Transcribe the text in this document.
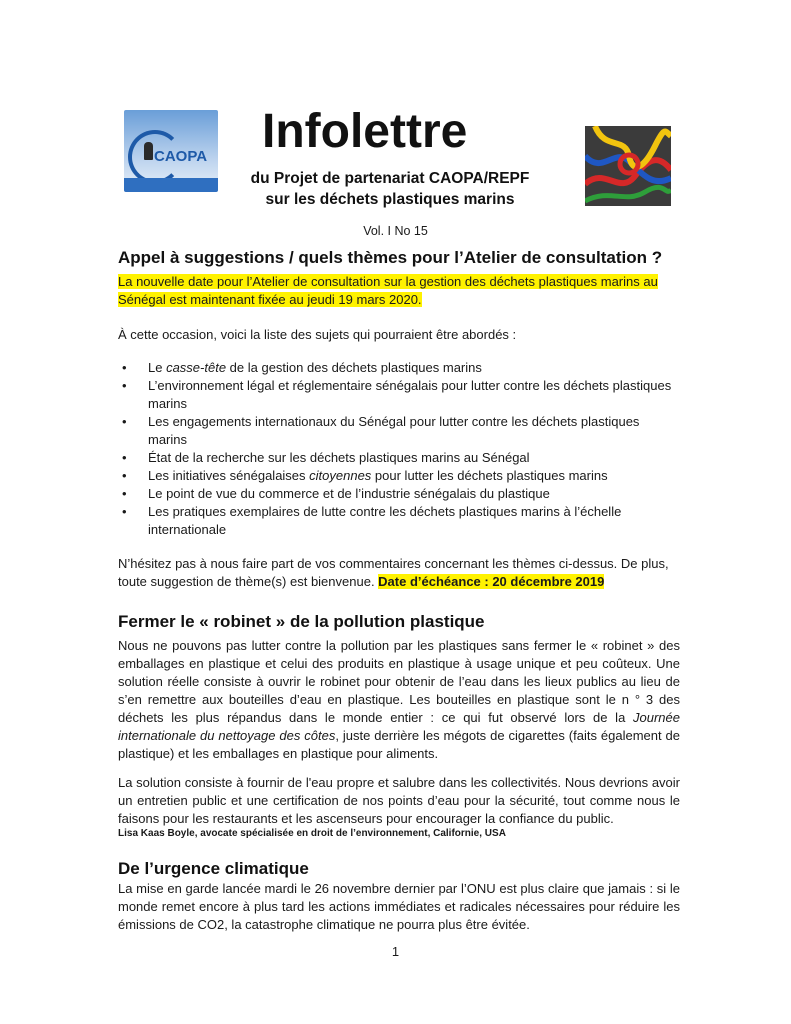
CAOPA Infolettre
du Projet de partenariat CAOPA/REPF
sur les déchets plastiques marins
Vol. I No 15
Appel à suggestions / quels thèmes pour l’Atelier de consultation ?

La nouvelle date pour l’Atelier de consultation sur la gestion des déchets plastiques marins au
Sénégal est maintenant fixée au jeudi 19 mars 2020.

À cette occasion, voici la liste des sujets qui pourraient être abordés :

• Le casse-tête de la gestion des déchets plastiques marins
• L’environnement légal et réglementaire sénégalais pour lutter contre les déchets plastiques marins
• Les engagements internationaux du Sénégal pour lutter contre les déchets plastiques marins
• État de la recherche sur les déchets plastiques marins au Sénégal
• Les initiatives sénégalaises citoyennes pour lutter les déchets plastiques marins
• Le point de vue du commerce et de l’industrie sénégalais du plastique
• Les pratiques exemplaires de lutte contre les déchets plastiques marins à l’échelle internationale

N’hésitez pas à nous faire part de vos commentaires concernant les thèmes ci-dessus. De plus,
toute suggestion de thème(s) est bienvenue. Date d’échéance : 20 décembre 2019

Fermer le « robinet » de la pollution plastique

Nous ne pouvons pas lutter contre la pollution par les plastiques sans fermer le « robinet » des emballages en plastique et celui des produits en plastique à usage unique et peu coûteux. Une solution réelle consiste à ouvrir le robinet pour obtenir de l’eau dans les lieux publics au lieu de s’en remettre aux bouteilles d’eau en plastique. Les bouteilles en plastique sont le n ° 3 des déchets les plus répandus dans le monde entier : ce qui fut observé lors de la Journée internationale du nettoyage des côtes, juste derrière les mégots de cigarettes (faits également de plastique) et les emballages en plastique pour aliments.

La solution consiste à fournir de l'eau propre et salubre dans les collectivités. Nous devrions avoir un entretien public et une certification de nos points d’eau pour la sécurité, tout comme nous le faisons pour les restaurants et les ascenseurs pour encourager la confiance du public.

Lisa Kaas Boyle, avocate spécialisée en droit de l’environnement, Californie, USA

De l’urgence climatique

La mise en garde lancée mardi le 26 novembre dernier par l’ONU est plus claire que jamais : si le monde remet encore à plus tard les actions immédiates et radicales nécessaires pour réduire les émissions de CO2, la catastrophe climatique ne pourra plus être évitée.

1
